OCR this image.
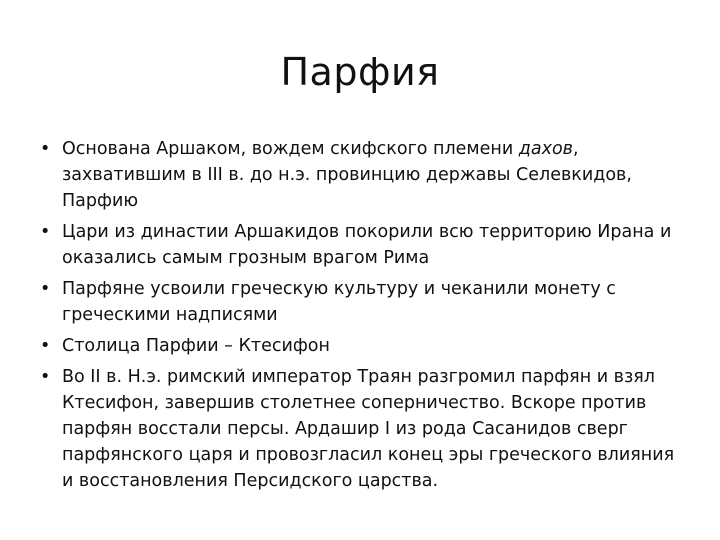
Парфия
• Основана Аршаком, вождем скифского племени дахов, захватившим в III в. до н.э. провинцию державы Селевкидов, Парфию
• Цари из династии Аршакидов покорили всю территорию Ирана и оказались самым грозным врагом Рима
• Парфяне усвоили греческую культуру и чеканили монету с греческими надписями
• Столица Парфии – Ктесифон
• Во II в. Н.э. римский император Траян разгромил парфян и взял Ктесифон, завершив столетнее соперничество. Вскоре против парфян восстали персы. Ардашир I из рода Сасанидов сверг парфянского царя и провозгласил конец эры греческого влияния и восстановления Персидского царства.
